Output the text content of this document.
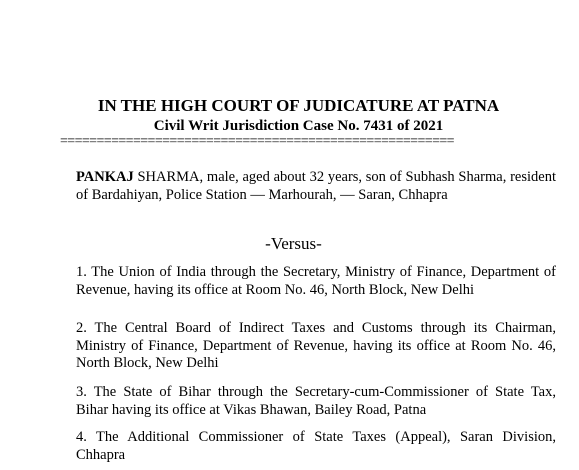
IN THE HIGH COURT OF JUDICATURE AT PATNA
Civil Writ Jurisdiction Case No. 7431 of 2021
======================================================
PANKAJ SHARMA, male, aged about 32 years, son of Subhash Sharma, resident of Bardahiyan, Police Station — Marhourah, — Saran, Chhapra
-Versus-
1. The Union of India through the Secretary, Ministry of Finance, Department of Revenue, having its office at Room No. 46, North Block, New Delhi
2. The Central Board of Indirect Taxes and Customs through its Chairman, Ministry of Finance, Department of Revenue, having its office at Room No. 46, North Block, New Delhi
3. The State of Bihar through the Secretary-cum-Commissioner of State Tax, Bihar having its office at Vikas Bhawan, Bailey Road, Patna
4. The Additional Commissioner of State Taxes (Appeal), Saran Division, Chhapra
